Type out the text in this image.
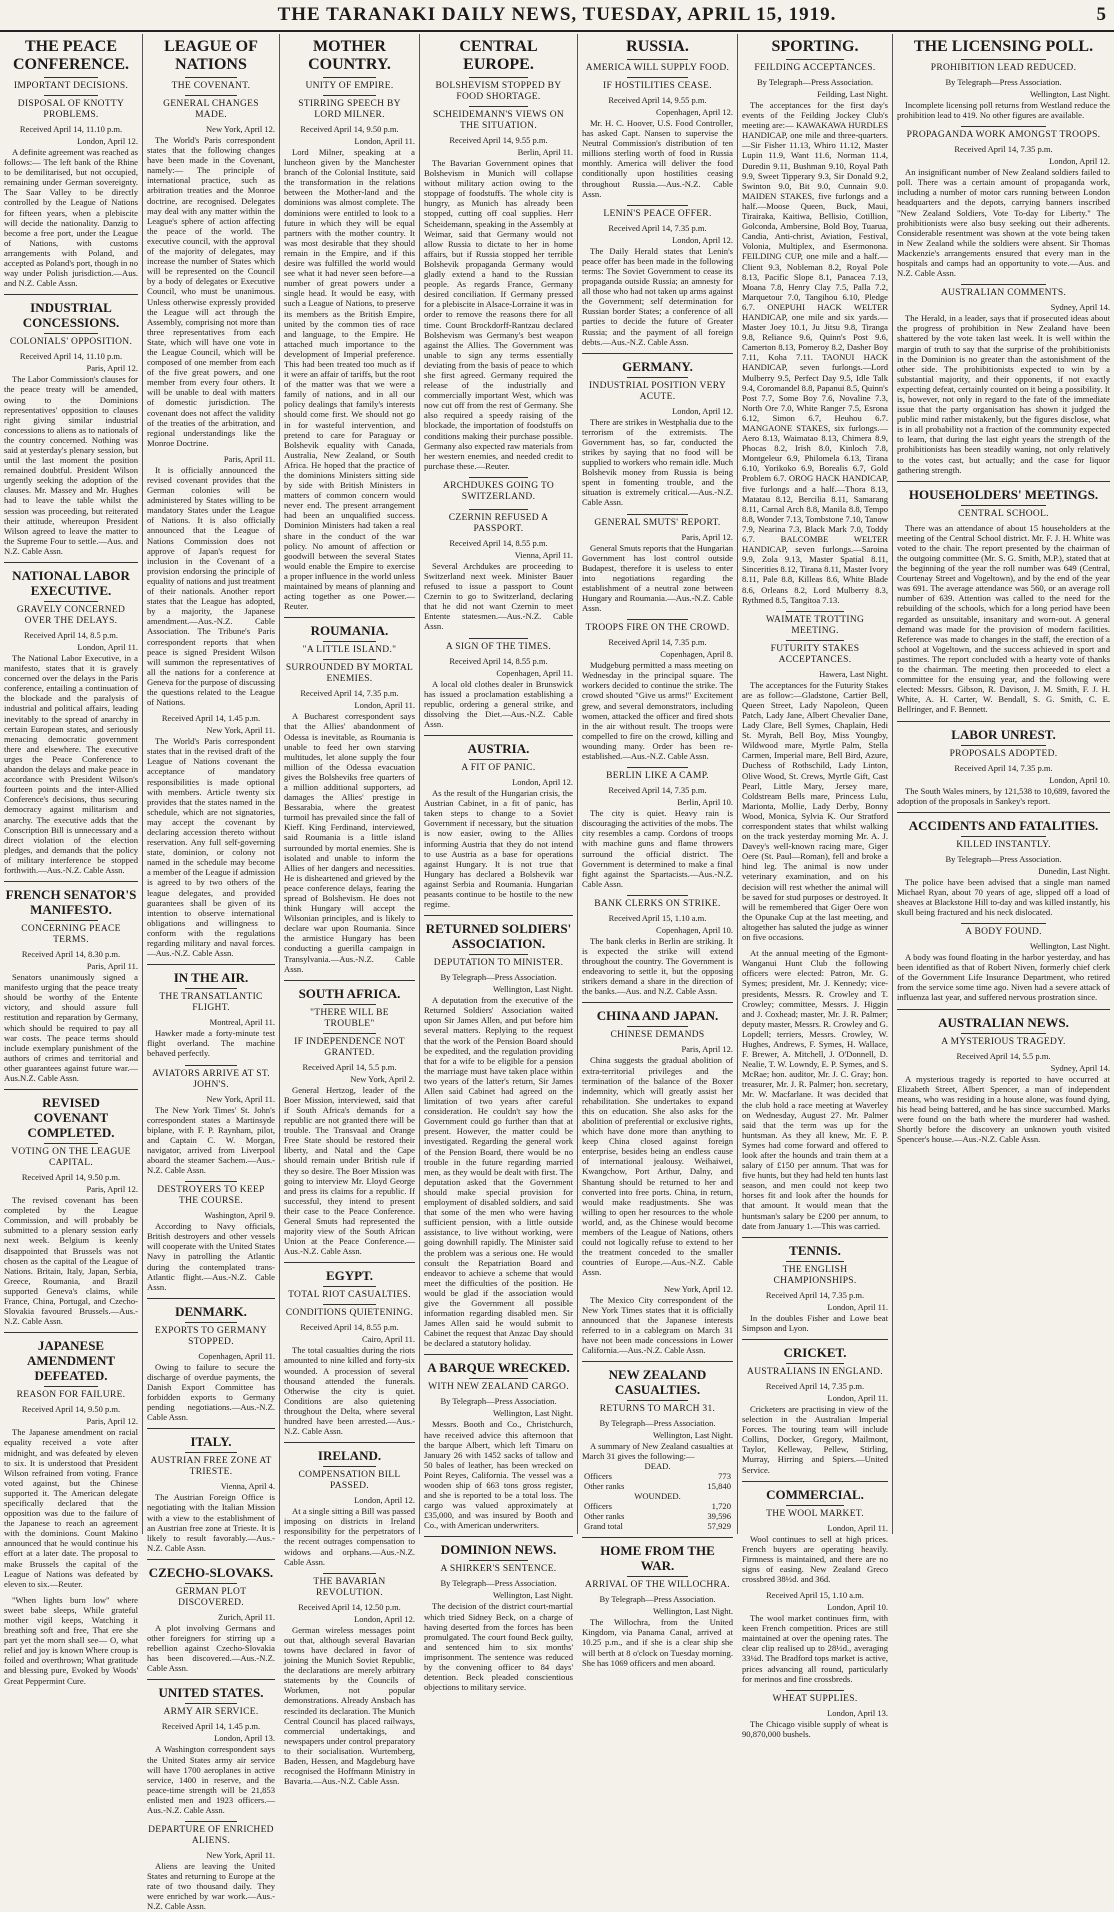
THE TARANAKI DAILY NEWS, TUESDAY, APRIL 15, 1919.	5
THE PEACE CONFERENCE.
IMPORTANT DECISIONS.
DISPOSAL OF KNOTTY PROBLEMS.
Received April 14, 11.10 p.m.
London, April 12.

A definite agreement was reached as follows:— The left bank of the Rhine to be demilitarised, but not occupied, remaining under German sovereignty. The Saar Valley to be directly controlled by the League of Nations for fifteen years, when a plebiscite will decide the nationality. Danzig to become a free port, under the League of Nations, with customs arrangements with Poland, and accepted as Poland's port, though in no way under Polish jurisdiction.—Aus. and N.Z. Cable Assn.

INDUSTRIAL CONCESSIONS.
COLONIALS' OPPOSITION.
Received April 14, 11.10 p.m.
Paris, April 12.

The Labor Commission's clauses for the peace treaty will be amended, owing to the Dominions representatives' opposition to clauses right giving similar industrial concessions to aliens as to nationals of the country concerned. Nothing was said at yesterday's plenary session, but until the last moment the position remained doubtful. President Wilson urgently seeking the adoption of the clauses. Mr. Massey and Mr. Hughes had to leave the table whilst the session was proceeding, but reiterated their attitude, whereupon President Wilson agreed to leave the matter to the Supreme Four to settle.—Aus. and N.Z. Cable Assn.

NATIONAL LABOR EXECUTIVE.
GRAVELY CONCERNED OVER THE DELAYS.
Received April 14, 8.5 p.m.
London, April 11.

The National Labor Executive, in a manifesto, states that it is gravely concerned over the delays in the Paris conference, entailing a continuation of the blockade and the paralysis of industrial and political affairs, leading inevitably to the spread of anarchy in certain European states, and seriously menacing democratic government there and elsewhere. The executive urges the Peace Conference to abandon the delays and make peace in accordance with President Wilson's fourteen points and the inter-Allied Conference's decisions, thus securing democracy against militarism and anarchy. The executive adds that the Conscription Bill is unnecessary and a direct violation of the election pledges, and demands that the policy of military interference be stopped forthwith.—Aus.-N.Z. Cable Assn.

FRENCH SENATOR'S MANIFESTO.
CONCERNING PEACE TERMS.
Received April 14, 8.30 p.m.
Paris, April 11.

Senators unanimously signed a manifesto urging that the peace treaty should be worthy of the Entente victory, and should assure full restitution and reparation by Germany, which should be required to pay all war costs. The peace terms should include exemplary punishment of the authors of crimes and territorial and other guarantees against future war.—Aus.N.Z. Cable Assn.

REVISED COVENANT COMPLETED.
VOTING ON THE LEAGUE CAPITAL.
Received April 14, 9.50 p.m.
Paris, April 12.

The revised covenant has been completed by the League Commission, and will probably be submitted to a plenary session early next week. Belgium is keenly disappointed that Brussels was not chosen as the capital of the League of Nations. Britain, Italy, Japan, Serbia, Greece, Roumania, and Brazil supported Geneva's claims, while France, China, Portugal, and Czecho-Slovakia favoured Brussels.—Aus.-N.Z. Cable Assn.

JAPANESE AMENDMENT DEFEATED.
REASON FOR FAILURE.
Received April 14, 9.50 p.m.
Paris, April 12.

The Japanese amendment on racial equality received a vote after midnight, and was defeated by eleven to six. It is understood that President Wilson refrained from voting. France voted against, but the Chinese supported it. The American delegate specifically declared that the opposition was due to the failure of the Japanese to reach an agreement with the dominions. Count Makino announced that he would continue his effort at a later date. The proposal to make Brussels the capital of the League of Nations was defeated by eleven to six.—Reuter.

"When lights burn low" where sweet babe sleeps, While grateful mother vigil keeps, Watching it breathing soft and free, That ere she part yet the morn shall see— O, what relief and joy is known Where croup is foiled and overthrown; What gratitude and blessing pure, Evoked by Woods' Great Peppermint Cure.

LEAGUE OF NATIONS
THE COVENANT.
GENERAL CHANGES MADE.
New York, April 12.

The World's Paris correspondent states that the following changes have been made in the Covenant, namely:— The principle of international practice, such as arbitration treaties and the Monroe doctrine, are recognised. Delegates may deal with any matter within the League's sphere of action affecting the peace of the world. The executive council, with the approval of the majority of delegates, may increase the number of States which will be represented on the Council by a body of delegates or Executive Council, who must be unanimous. Unless otherwise expressly provided the League will act through the Assembly, comprising not more than three representatives from each State, which will have one vote in the League Council, which will be composed of one member from each of the five great powers, and one member from every four others. It will be unable to deal with matters of domestic jurisdiction. The covenant does not affect the validity of the treaties of the arbitration, and regional understandings like the Monroe Doctrine.

Paris, April 11.

It is officially announced the revised covenant provides that the German colonies will be administered by States willing to be mandatory States under the League of Nations. It is also officially announced that the League of Nations Commission does not approve of Japan's request for inclusion in the Covenant of a provision endorsing the principle of equality of nations and just treatment of their nationals. Another report states that the League has adopted, by a majority, the Japanese amendment.—Aus.-N.Z. Cable Association. The Tribune's Paris correspondent reports that when peace is signed President Wilson will summon the representatives of all the nations for a conference at Geneva for the purpose of discussing the questions related to the League of Nations.

Received April 14, 1.45 p.m.
New York, April 11.

The World's Paris correspondent states that in the revised draft of the League of Nations covenant the acceptance of mandatory responsibilities is made optional with members. Article twenty six provides that the states named in the schedule, which are not signatories, may accept the covenant by declaring accession thereto without reservation. Any full self-governing state, dominion, or colony not named in the schedule may become a member of the League if admission is agreed to by two others of the league delegates, and provided guarantees shall be given of its intention to observe international obligations and willingness to conform with the regulations regarding military and naval forces.—Aus.-N.Z. Cable Assn.

IN THE AIR.
THE TRANSATLANTIC FLIGHT.
Montreal, April 11.

Hawker made a forty-minute test flight overland. The machine behaved perfectly.

AVIATORS ARRIVE AT ST. JOHN'S.
New York, April 11.

The New York Times' St. John's correspondent states a Martinsyde biplane, with F. P. Raynham, pilot, and Captain C. W. Morgan, navigator, arrived from Liverpool aboard the steamer Sachem.—Aus.-N.Z. Cable Assn.

DESTROYERS TO KEEP THE COURSE.
Washington, April 9.

According to Navy officials, British destroyers and other vessels will cooperate with the United States Navy in patrolling the Atlantic during the contemplated trans-Atlantic flight.—Aus.-N.Z. Cable Assn.

DENMARK.
EXPORTS TO GERMANY STOPPED.
Copenhagen, April 11.

Owing to failure to secure the discharge of overdue payments, the Danish Export Committee has forbidden exports to Germany pending negotiations.—Aus.-N.Z. Cable Assn.

ITALY.
AUSTRIAN FREE ZONE AT TRIESTE.
Vienna, April 4.

The Austrian Foreign Office is negotiating with the Italian Mission with a view to the establishment of an Austrian free zone at Trieste. It is likely to result favorably.—Aus.-N.Z. Cable Assn.

CZECHO-SLOVAKS.
GERMAN PLOT DISCOVERED.
Zurich, April 11.

A plot involving Germans and other foreigners for stirring up a rebellion against Czecho-Slovakia has been discovered.—Aus.-N.Z. Cable Assn.

UNITED STATES.
ARMY AIR SERVICE.
Received April 14, 1.45 p.m.
London, April 13.

A Washington correspondent says the United States army air service will have 1700 aeroplanes in active service, 1400 in reserve, and the peace-time strength will be 21,853 enlisted men and 1923 officers.—Aus.-N.Z. Cable Assn.

DEPARTURE OF ENRICHED ALIENS.
New York, April 11.

Aliens are leaving the United States and returning to Europe at the rate of two thousand daily. They were enriched by war work.—Aus.-N.Z. Cable Assn.

MOTHER COUNTRY.
UNITY OF EMPIRE.
STIRRING SPEECH BY LORD MILNER.
Received April 14, 9.50 p.m.
London, April 11.

Lord Milner, speaking at a luncheon given by the Manchester branch of the Colonial Institute, said the transformation in the relations between the Mother-land and the dominions was almost complete. The dominions were entitled to look to a future in which they will be equal partners with the mother country. It was most desirable that they should remain in the Empire, and if this desire was fulfilled the world would see what it had never seen before—a number of great powers under a single head. It would be easy, with such a League of Nations, to preserve its members as the British Empire, united by the common ties of race and language, to the Empire. He attached much importance to the development of Imperial preference. This had been treated too much as if it were an affair of tariffs, but the root of the matter was that we were a family of nations, and in all our policy dealings that family's interests should come first. We should not go in for wasteful intervention, and pretend to care for Paraguay or Bolshevik equality with Canada, Australia, New Zealand, or South Africa. He hoped that the practice of the dominions Ministers sitting side by side with British Ministers in matters of common concern would never end. The present arrangement had been an unqualified success. Dominion Ministers had taken a real share in the conduct of the war policy. No amount of affection or goodwill between the several States would enable the Empire to exercise a proper influence in the world unless maintained by means of planning and acting together as one Power.—Reuter.

ROUMANIA.
"A LITTLE ISLAND."
SURROUNDED BY MORTAL ENEMIES.
Received April 14, 7.35 p.m.
London, April 11.

A Bucharest correspondent says that the Allies' abandonment of Odessa is inevitable, as Roumania is unable to feed her own starving multitudes, let alone supply the four million of the Odessa evacuation gives the Bolsheviks free quarters of a million additional supporters, ad damages the Allies' prestige in Bessarabia, where the greatest turmoil has prevailed since the fall of Kieff. King Ferdinand, interviewed, said Roumania is a little island surrounded by mortal enemies. She is isolated and unable to inform the Allies of her dangers and necessities. He is disheartened and grieved by the peace conference delays, fearing the spread of Bolshevism. He does not think Hungary will accept the Wilsonian principles, and is likely to declare war upon Roumania. Since the armistice Hungary has been conducting a guerilla campaign in Transylvania.—Aus.-N.Z. Cable Assn.

SOUTH AFRICA.
"THERE WILL BE TROUBLE"
IF INDEPENDENCE NOT GRANTED.
Received April 14, 5.5 p.m.
New York, April 2.

General Hertzog, leader of the Boer Mission, interviewed, said that if South Africa's demands for a republic are not granted there will be trouble. The Transvaal and Orange Free State should be restored their liberty, and Natal and the Cape should remain under British rule if they so desire. The Boer Mission was going to interview Mr. Lloyd George and press its claims for a republic. If successful, they intend to present their case to the Peace Conference. General Smuts had represented the majority view of the South African Union at the Peace Conference.—Aus.-N.Z. Cable Assn.

EGYPT.
TOTAL RIOT CASUALTIES.
CONDITIONS QUIETENING.
Received April 14, 8.55 p.m.
Cairo, April 11.

The total casualties during the riots amounted to nine killed and forty-six wounded. A procession of several thousand attended the funerals. Otherwise the city is quiet. Conditions are also quietening throughout the Delta, where several hundred have been arrested.—Aus.-N.Z. Cable Assn.

IRELAND.
COMPENSATION BILL PASSED.
London, April 12.

At a single sitting a Bill was passed imposing on districts in Ireland responsibility for the perpetrators of the recent outrages compensation to widows and orphans.—Aus.-N.Z. Cable Assn.

THE BAVARIAN REVOLUTION.
Received April 14, 12.50 p.m.
London, April 12.

German wireless messages point out that, although several Bavarian towns have declared in favor of joining the Munich Soviet Republic, the declarations are merely arbitrary statements by the Councils of Workmen, not popular demonstrations. Already Ansbach has rescinded its declaration. The Munich Central Council has placed railways, commercial undertakings, and newspapers under control preparatory to their socialisation. Wurtemberg, Baden, Hessen, and Magdeburg have recognised the Hoffmann Ministry in Bavaria.—Aus.-N.Z. Cable Assn.

CENTRAL EUROPE.
BOLSHEVISM STOPPED BY FOOD SHORTAGE.
SCHEIDEMANN'S VIEWS ON THE SITUATION.
Received April 14, 9.55 p.m.
Berlin, April 11.

The Bavarian Government opines that Bolshevism in Munich will collapse without military action owing to the stoppage of foodstuffs. The whole city is hungry, as Munich has already been stopped, cutting off coal supplies. Herr Scheidemann, speaking in the Assembly at Weimar, said that Germany would not allow Russia to dictate to her in home affairs, but if Russia stopped her terrible Bolshevik propaganda Germany would gladly extend a hand to the Russian people. As regards France, Germany desired conciliation. If Germany pressed for a plebiscite in Alsace-Lorraine it was in order to remove the reasons there for all time. Count Brockdorff-Rantzau declared Bolshevism was Germany's best weapon against the Allies. The Government was unable to sign any terms essentially deviating from the basis of peace to which she first agreed. Germany required the release of the industrially and commercially important West, which was now cut off from the rest of Germany. She also required a speedy raising of the blockade, the importation of foodstuffs on conditions making their purchase possible. Germany also expected raw materials from her western enemies, and needed credit to purchase these.—Reuter.

ARCHDUKES GOING TO SWITZERLAND.
CZERNIN REFUSED A PASSPORT.
Received April 14, 8.55 p.m.
Vienna, April 11.

Several Archdukes are proceeding to Switzerland next week. Minister Bauer refused to issue a passport to Count Czernin to go to Switzerland, declaring that he did not want Czernin to meet Entente statesmen.—Aus.-N.Z. Cable Assn.

A SIGN OF THE TIMES.
Received April 14, 8.55 p.m.
Copenhagen, April 11.

A local old clothes dealer in Brunswick has issued a proclamation establishing a republic, ordering a general strike, and dissolving the Diet.—Aus.-N.Z. Cable Assn.

AUSTRIA.
A FIT OF PANIC.
London, April 12.

As the result of the Hungarian crisis, the Austrian Cabinet, in a fit of panic, has taken steps to change to a Soviet Government if necessary, but the situation is now easier, owing to the Allies informing Austria that they do not intend to use Austria as a base for operations against Hungary. It is not true that Hungary has declared a Bolshevik war against Serbia and Roumania. Hungarian peasants continue to be hostile to the new regime.

RETURNED SOLDIERS' ASSOCIATION.
DEPUTATION TO MINISTER.
By Telegraph—Press Association.
Wellington, Last Night.

A deputation from the executive of the Returned Soldiers' Association waited upon Sir James Allen, and put before him several matters. Replying to the request that the work of the Pension Board should be expedited, and the regulation providing that for a wife to be eligible for a pension the marriage must have taken place within two years of the latter's return, Sir James Allen said Cabinet had agreed on the limitation of two years after careful consideration. He couldn't say how the Government could go further than that at present. However, the matter could be investigated. Regarding the general work of the Pension Board, there would be no trouble in the future regarding married men, as they would be dealt with first. The deputation asked that the Government should make special provision for employment of disabled soldiers, and said that some of the men who were having sufficient pension, with a little outside assistance, to live without working, were going downhill rapidly. The Minister said the problem was a serious one. He would consult the Repatriation Board and endeavor to achieve a scheme that would meet the difficulties of the position. He would be glad if the association would give the Government all possible information regarding disabled men. Sir James Allen said he would submit to Cabinet the request that Anzac Day should be declared a statutory holiday.

A BARQUE WRECKED.
WITH NEW ZEALAND CARGO.
By Telegraph—Press Association.
Wellington, Last Night.

Messrs. Booth and Co., Christchurch, have received advice this afternoon that the barque Albert, which left Timaru on January 26 with 1452 sacks of tallow and 50 bales of leather, has been wrecked on Point Reyes, California. The vessel was a wooden ship of 663 tons gross register, and she is reported to be a total loss. The cargo was valued approximately at £35,000, and was insured by Booth and Co., with American underwriters.

DOMINION NEWS.
A SHIRKER'S SENTENCE.
By Telegraph—Press Association.
Wellington, Last Night.

The decision of the district court-martial which tried Sidney Beck, on a charge of having deserted from the forces has been promulgated. The court found Beck guilty, and sentenced him to six months' imprisonment. The sentence was reduced by the convening officer to 84 days' detention. Beck pleaded conscientious objections to military service.

RUSSIA.
AMERICA WILL SUPPLY FOOD.
IF HOSTILITIES CEASE.
Received April 14, 9.55 p.m.
Copenhagen, April 12.

Mr. H. C. Hoover, U.S. Food Controller, has asked Capt. Nansen to supervise the Neutral Commission's distribution of ten millions sterling worth of food in Russia monthly. America will deliver the food conditionally upon hostilities ceasing throughout Russia.—Aus.-N.Z. Cable Assn.

LENIN'S PEACE OFFER.
Received April 14, 7.35 p.m.
London, April 12.

The Daily Herald states that Lenin's peace offer has been made in the following terms: The Soviet Government to cease its propaganda outside Russia; an amnesty for all those who had not taken up arms against the Government; self determination for Russian border States; a conference of all parties to decide the future of Greater Russia; and the payment of all foreign debts.—Aus.-N.Z. Cable Assn.

GERMANY.
INDUSTRIAL POSITION VERY ACUTE.
London, April 12.

There are strikes in Westphalia due to the terrorism of the extremists. The Government has, so far, conducted the strikes by saying that no food will be supplied to workers who remain idle. Much Bolshevik money from Russia is being spent in fomenting trouble, and the situation is extremely critical.—Aus.-N.Z. Cable Assn.

GENERAL SMUTS' REPORT.
Paris, April 12.

General Smuts reports that the Hungarian Government has lost control outside Budapest, therefore it is useless to enter into negotiations regarding the establishment of a neutral zone between Hungary and Roumania.—Aus.-N.Z. Cable Assn.

TROOPS FIRE ON THE CROWD.
Received April 14, 7.35 p.m.
Copenhagen, April 8.

Mudgeburg permitted a mass meeting on Wednesday in the principal square. The workers decided to continue the strike. The crowd shouted "Give us arms!" Excitement grew, and several demonstrators, including women, attacked the officer and fired shots in the air without result. The troops were compelled to fire on the crowd, killing and wounding many. Order has been re-established.—Aus.-N.Z. Cable Assn.

BERLIN LIKE A CAMP.
Received April 14, 7.35 p.m.
Berlin, April 10.

The city is quiet. Heavy rain is discouraging the activities of the mobs. The city resembles a camp. Cordons of troops with machine guns and flame throwers surround the official district. The Government is determined to make a final fight against the Spartacists.—Aus.-N.Z. Cable Assn.

BANK CLERKS ON STRIKE.
Received April 15, 1.10 a.m.
Copenhagen, April 10.

The bank clerks in Berlin are striking. It is expected the strike will extend throughout the country. The Government is endeavoring to settle it, but the opposing strikers demand a share in the direction of the banks.—Aus. and N.Z. Cable Assn.

CHINA AND JAPAN.
CHINESE DEMANDS
Paris, April 12.

China suggests the gradual abolition of extra-territorial privileges and the termination of the balance of the Boxer indemnity, which will greatly assist her rehabilitation. She undertakes to expand this on education. She also asks for the abolition of preferential or exclusive rights, which have done more than anything to keep China closed against foreign enterprise, besides being an endless cause of international jealousy. Weihaiwei, Kwangchow, Port Arthur, Dalny, and Shantung should be returned to her and converted into free ports. China, in return, would make readjustments. She was willing to open her resources to the whole world, and, as the Chinese would become members of the League of Nations, others could not logically refuse to extend to her the treatment conceded to the smaller countries of Europe.—Aus.-N.Z. Cable Assn.

New York, April 12.

The Mexico City correspondent of the New York Times states that it is officially announced that the Japanese interests referred to in a cablegram on March 31 have not been made concessions in Lower California.—Aus.-N.Z. Cable Assn.

NEW ZEALAND CASUALTIES.
RETURNS TO MARCH 31.
By Telegraph—Press Association.
Wellington, Last Night.

A summary of New Zealand casualties at March 31 gives the following:—

DEAD.	
Officers	773
Other ranks	15,840
WOUNDED.	
Officers	1,720
Other ranks	39,596
Grand total	57,929
HOME FROM THE WAR.
ARRIVAL OF THE WILLOCHRA.
By Telegraph—Press Association.
Wellington, Last Night.

The Willochra, from the United Kingdom, via Panama Canal, arrived at 10.25 p.m., and if she is a clear ship she will berth at 8 o'clock on Tuesday morning. She has 1069 officers and men aboard.

SPORTING.
FEILDING ACCEPTANCES.
By Telegraph—Press Association.
Feilding, Last Night.

The acceptances for the first day's events of the Feilding Jockey Club's meeting are:— KAWAKAWA HURDLES HANDICAP, one mile and three-quarters.—Sir Fisher 11.13, Whiro 11.12, Master Lupin 11.9, Want 11.6, Norman 11.4, Duredin 9.11, Bushman 9.10, Royal Path 9.9, Sweet Tipperary 9.3, Sir Donald 9.2, Swinton 9.0, Bit 9.0, Cunnain 9.0. MAIDEN STAKES, five furlongs and a half.—Moose Queen, Buck, Maui, Tirairaka, Kaitiwa, Bellisio, Cotillion, Golconda, Ambersine, Bold Boy, Tuarua, Candia, Anti-christ, Aviation, Festival, Volonia, Multiplex, and Esermonona. FEILDING CUP, one mile and a half.—Client 9.3, Nobleman 8.2, Royal Pole 8.13, Pacific Slope 8.1, Panacea 7.13, Moana 7.8, Henry Clay 7.5, Palla 7.2, Marquetour 7.0, Tangihou 6.10, Pledge 6.7. ONEPUHI HACK WELTER HANDICAP, one mile and six yards.—Master Joey 10.1, Ju Jitsu 9.8, Tiranga 9.8, Reliance 9.6, Quinn's Post 9.6, Camerton 8.13, Pomeroy 8.2, Dasher Boy 7.11, Koha 7.11. TAONUI HACK HANDICAP, seven furlongs.—Lord Mulberry 9.5, Perfect Day 9.5, Idle Talk 9.4, Coromandel 8.8, Papanui 8.5, Quinn's Post 7.7, Some Boy 7.6, Novaline 7.3, North Ore 7.0, White Ranger 7.5, Esrona 6.12, Simon 6.7, Heuhou 6.7. MANGAONE STAKES, six furlongs.—Aero 8.13, Waimatao 8.13, Chimera 8.9, Phocas 8.2, Irish 8.0, Kinloch 7.8, Montgeleur 6.9, Philomela 6.13, Tirana 6.10, Yorikoko 6.9, Borealis 6.7, Gold Problem 6.7. OROG HACK HANDICAP, five furlongs and a half.—Thora 8.13, Matatau 8.12, Bercilia 8.11, Samarang 8.11, Carnal Arch 8.8, Manila 8.8, Tempo 8.8, Wonder 7.13, Tombstone 7.10, Tanow 7.9, Nearina 7.3, Black Mark 7.0, Toddy 6.7. BALCOMBE WELTER HANDICAP, seven furlongs.—Saroina 9.9, Zola 9.13, Master Spatial 8.11, Sincerities 8.12, Tirana 8.11, Master Ivory 8.11, Pale 8.8, Killeas 8.6, White Blade 8.6, Orleans 8.2, Lord Mulberry 8.3, Rythmed 8.5, Tangitoa 7.13.

WAIMATE TROTTING MEETING.
FUTURITY STAKES ACCEPTANCES.
Hawera, Last Night.

The acceptances for the Futurity Stakes are as follow:—Gladstone, Cartier Bell, Queen Street, Lady Napoleon, Queen Patch, Lady Jane, Albert Chevalier Dane, Lady Clare, Bell Symes, Chaplain, Hedi St. Myrah, Bell Boy, Miss Youngby, Wildwood mare, Myrtle Palm, Stella Carmen, Imperial mare, Bell Bird, Azure, Duchess of Rothschild, Lady Linton, Olive Wood, St. Crews, Myrtle Gift, Cast Pearl, Little Mary, Jersey mare, Coldstream Bells mare, Princess Lulu, Marionta, Mollie, Lady Derby, Bonny Wood, Monica, Sylvia K. Our Stratford correspondent states that whilst walking on the track yesterday morning Mr. A. J. Davey's well-known racing mare, Giger Oere (St. Paul—Roman), fell and broke a hind leg. The animal is now under veterinary examination, and on his decision will rest whether the animal will be saved for stud purposes or destroyed. It will be remembered that Giger Oere won the Opunake Cup at the last meeting, and altogether has saluted the judge as winner on five occasions.

At the annual meeting of the Egmont-Wanganui Hunt Club the following officers were elected: Patron, Mr. G. Symes; president, Mr. J. Kennedy; vice-presidents, Messrs. R. Crowley and T. Crowley; committee, Messrs. J. Higgin and J. Coxhead; master, Mr. J. R. Palmer; deputy master, Messrs. R. Crowley and G. Lopdell; terriers, Messrs. Crowley, W. Hughes, Andrews, F. Symes, H. Wallace, F. Brewer, A. Mitchell, J. O'Donnell, D. Nealie, T. W. Lowndy, E. P. Symes, and S. McRae; hon. auditor, Mr. J. C. Gray; hon. treasurer, Mr. J. R. Palmer; hon. secretary, Mr. W. Macfarlane. It was decided that the club hold a race meeting at Waverley on Wednesday, August 27. Mr. Palmer said that the term was up for the huntsman. As they all knew, Mr. F. P. Symes had come forward and offered to look after the hounds and train them at a salary of £150 per annum. That was for five hunts, but they had held ten hunts last season, and men could not keep two horses fit and look after the hounds for that amount. It would mean that the huntsman's salary be £200 per annum, to date from January 1.—This was carried.

TENNIS.
THE ENGLISH CHAMPIONSHIPS.
Received April 14, 7.35 p.m.
London, April 11.

In the doubles Fisher and Lowe beat Simpson and Lyon.

CRICKET.
AUSTRALIANS IN ENGLAND.
Received April 14, 7.35 p.m.
London, April 11.

Cricketers are practising in view of the selection in the Australian Imperial Forces. The touring team will include Collins, Docker, Gregory, Mailmont, Taylor, Kelleway, Pellew, Stirling, Murray, Hirring and Spiers.—United Service.

COMMERCIAL.
THE WOOL MARKET.
London, April 11.

Wool continues to sell at high prices. French buyers are operating heavily. Firmness is maintained, and there are no signs of easing. New Zealand Greco crossbred 38½d. and 36d.

Received April 15, 1.10 a.m.
London, April 10.

The wool market continues firm, with keen French competition. Prices are still maintained at over the opening rates. The clear clip realised up to 28½d., averaging 33¼d. The Bradford tops market is active, prices advancing all round, particularly for merinos and fine crossbreds.

WHEAT SUPPLIES.
London, April 13.

The Chicago visible supply of wheat is 90,870,000 bushels.

THE LICENSING POLL.
PROHIBITION LEAD REDUCED.
By Telegraph—Press Association.
Wellington, Last Night.

Incomplete licensing poll returns from Westland reduce the prohibition lead to 419. No other figures are available.

PROPAGANDA WORK AMONGST TROOPS.
Received April 14, 7.35 p.m.
London, April 12.

An insignificant number of New Zealand soldiers failed to poll. There was a certain amount of propaganda work, including a number of motor cars running between London headquarters and the depots, carrying banners inscribed "New Zealand Soldiers, Vote To-day for Liberty." The prohibitionists were also busy seeking out their adherents. Considerable resentment was shown at the vote being taken in New Zealand while the soldiers were absent. Sir Thomas Mackenzie's arrangements ensured that every man in the hospitals and camps had an opportunity to vote.—Aus. and N.Z. Cable Assn.

AUSTRALIAN COMMENTS.
Sydney, April 14.

The Herald, in a leader, says that if prosecuted ideas about the progress of prohibition in New Zealand have been shattered by the vote taken last week. It is well within the margin of truth to say that the surprise of the prohibitionists in the Dominion is no greater than the astonishment of the other side. The prohibitionists expected to win by a substantial majority, and their opponents, if not exactly expecting defeat, certainly counted on it being a possibility. It is, however, not only in regard to the fate of the immediate issue that the party organisation has shown it judged the public mind rather mistakenly, but the figures disclose, what is in all probability not a fraction of the community expected to learn, that during the last eight years the strength of the prohibitionists has been steadily waning, not only relatively to the votes cast, but actually; and the case for liquor gathering strength.

HOUSEHOLDERS' MEETINGS.
CENTRAL SCHOOL.

There was an attendance of about 15 householders at the meeting of the Central School district. Mr. F. J. H. White was voted to the chair. The report presented by the chairman of the outgoing committee (Mr. S. G. Smith, M.P.), stated that at the beginning of the year the roll number was 649 (Central, Courtenay Street and Vogeltown), and by the end of the year was 691. The average attendance was 560, or an average roll number of 639. Attention was called to the need for the rebuilding of the schools, which for a long period have been regarded as unsuitable, insanitary and worn-out. A general demand was made for the provision of modern facilities. Reference was made to changes in the staff, the erection of a school at Vogeltown, and the success achieved in sport and pastimes. The report concluded with a hearty vote of thanks to the chairman. The meeting then proceeded to elect a committee for the ensuing year, and the following were elected: Messrs. Gibson, R. Davison, J. M. Smith, F. J. H. White, A. H. Carter, W. Bendall, S. G. Smith, C. E. Bellringer, and F. Bennett.

LABOR UNREST.
PROPOSALS ADOPTED.
Received April 14, 7.35 p.m.
London, April 10.

The South Wales miners, by 121,538 to 10,689, favored the adoption of the proposals in Sankey's report.

ACCIDENTS AND FATALITIES.
KILLED INSTANTLY.
By Telegraph—Press Association.
Dunedin, Last Night.

The police have been advised that a single man named Michael Ryan, about 70 years of age, slipped off a load of sheaves at Blackstone Hill to-day and was killed instantly, his skull being fractured and his neck dislocated.

A BODY FOUND.
Wellington, Last Night.

A body was found floating in the harbor yesterday, and has been identified as that of Robert Niven, formerly chief clerk of the Government Life Insurance Department, who retired from the service some time ago. Niven had a severe attack of influenza last year, and suffered nervous prostration since.

AUSTRALIAN NEWS.
A MYSTERIOUS TRAGEDY.
Received April 14, 5.5 p.m.
Sydney, April 14.

A mysterious tragedy is reported to have occurred at Elizabeth Street, Albert Spencer, a man of independent means, who was residing in a house alone, was found dying, his head being battered, and he has since succumbed. Marks were found on the bath where the murderer had washed. Shortly before the discovery an unknown youth visited Spencer's house.—Aus.-N.Z. Cable Assn.
